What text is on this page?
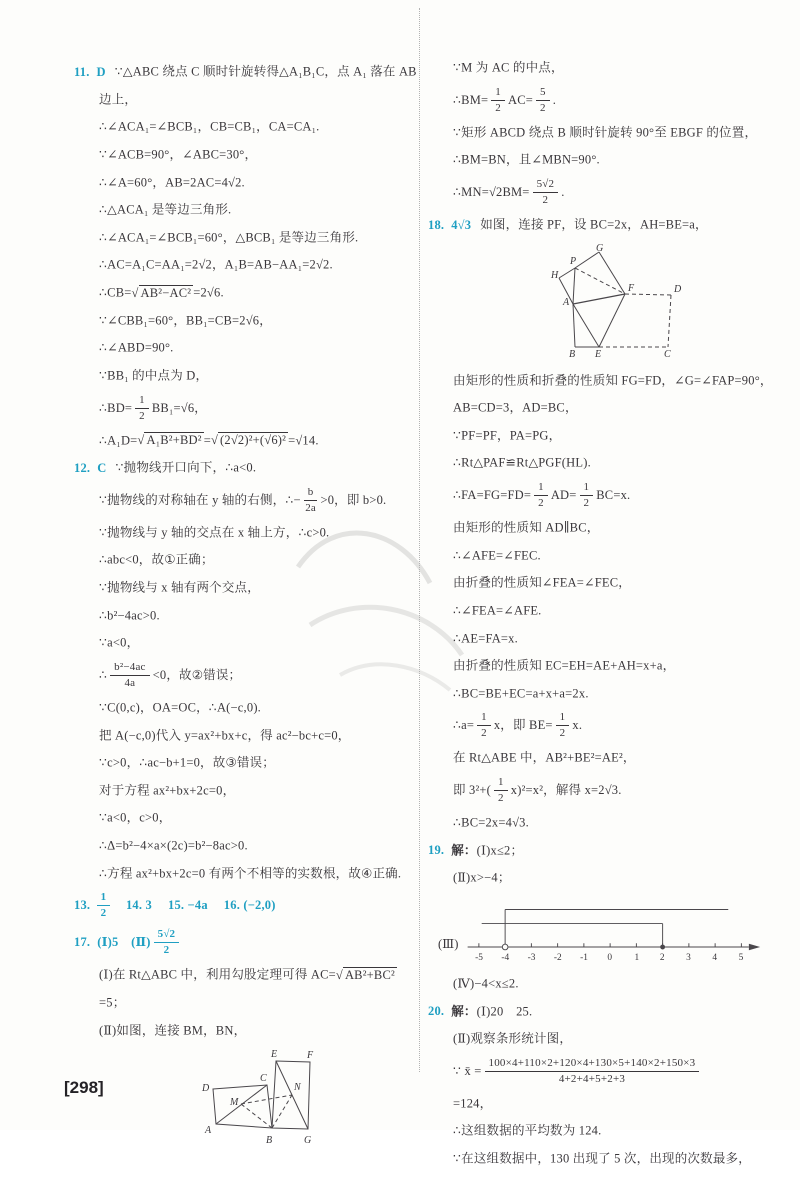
11. D ∵△ABC 绕点 C 顺时针旋转得△A₁B₁C，点 A₁ 落在 AB
边上，
∴∠ACA₁=∠BCB₁，CB=CB₁，CA=CA₁.
∵∠ACB=90°，∠ABC=30°，
∴∠A=60°，AB=2AC=4√2.
∴△ACA₁ 是等边三角形.
∴∠ACA₁=∠BCB₁=60°，△BCB₁ 是等边三角形.
∴AC=A₁C=AA₁=2√2，A₁B=AB−AA₁=2√2.
∴CB= √ AB²−AC² =2√6.
∵∠CBB₁=60°，BB₁=CB=2√6，
∴∠ABD=90°.
∵BB₁ 的中点为 D，
∴BD= $\frac{1}{2} BB_1=√6$，
∴A₁D= √ A₁B²+BD² = √ (2√2)²+(√6)² =√14.
12. C ∵抛物线开口向下，∴a<0.
∵抛物线的对称轴在 y 轴的右侧，∴− $\frac{b}{2a} >0$，即 b>0.
∵抛物线与 y 轴的交点在 x 轴上方，∴c>0.
∴abc<0，故①正确；
∵抛物线与 x 轴有两个交点，
∴b²−4ac>0.
∵a<0，
∴ $\frac{\text{b²−4ac}}{4a} <0$，故②错误；
∵C(0,c)，OA=OC，∴A(−c,0).
把 A(−c,0)代入 y=ax²+bx+c，得 ac²−bc+c=0，
∵c>0，∴ac−b+1=0，故③错误；
对于方程 ax²+bx+2c=0，
∵a<0，c>0，
∴Δ=b²−4×a×(2c)=b²−8ac>0.
∴方程 ax²+bx+2c=0 有两个不相等的实数根，故④正确.
13. $\frac{1}{2}$ 　14. 3　 15. −4a　 16. (−2,0)
17. (Ⅰ)5　(Ⅱ) $\frac{5√2}{2}$
(Ⅰ)在 Rt△ABC 中，利用勾股定理可得 AC= √ AB²+BC²
=5；
(Ⅱ)如图，连接 BM，BN，
D
C
E	F
M
N
A
B	G
∵M 为 AC 的中点，
∴BM= $\frac{1}{2} AC= \frac{5}{2}$ .
∵矩形 ABCD 绕点 B 顺时针旋转 90°至 EBGF 的位置，
∴BM=BN，且∠MBN=90°.
∴MN=√2BM= $\frac{5√2}{2}$ .
18. 4√3 如图，连接 PF，设 BC=2x，AH=BE=a，
P
G
H
F	D
A
B E	C
由矩形的性质和折叠的性质知 FG=FD，∠G=∠FAP=90°，
AB=CD=3，AD=BC，
∵PF=PF，PA=PG，
∴Rt△PAF≌Rt△PGF(HL).
∴FA=FG=FD= $\frac{1}{2} AD= \frac{1}{2} BC=x$.
由矩形的性质知 AD∥BC，
∴∠AFE=∠FEC.
由折叠的性质知∠FEA=∠FEC，
∴∠FEA=∠AFE.
∴AE=FA=x.
由折叠的性质知 EC=EH=AE+AH=x+a，
∴BC=BE+EC=a+x+a=2x.
∴a= $\frac{1}{2}$ x，即 $BE= \frac{1}{2} x$.
在 Rt△ABE 中，AB²+BE²=AE²，
即 $3^2+( \frac{1}{2} x)^2=x^2$，解得 x=2√3.
∴BC=2x=4√3.
19. 解：(Ⅰ)x≤2；
(Ⅱ)x>−4；
(Ⅲ)
-5 -4 -3 -2 -1 0 1 2 3 4 5
(Ⅳ)−4<x≤2.
20. 解：(Ⅰ)20　25.
(Ⅱ)观察条形统计图，
∵ x̄ = $\frac{100\times 4+110\times 2+120\times 4+130\times 5+140\times 2+150\times 3}{4+2+4+5+2+3}$
=124，
∴这组数据的平均数为 124.
∵在这组数据中，130 出现了 5 次，出现的次数最多，
[298]
